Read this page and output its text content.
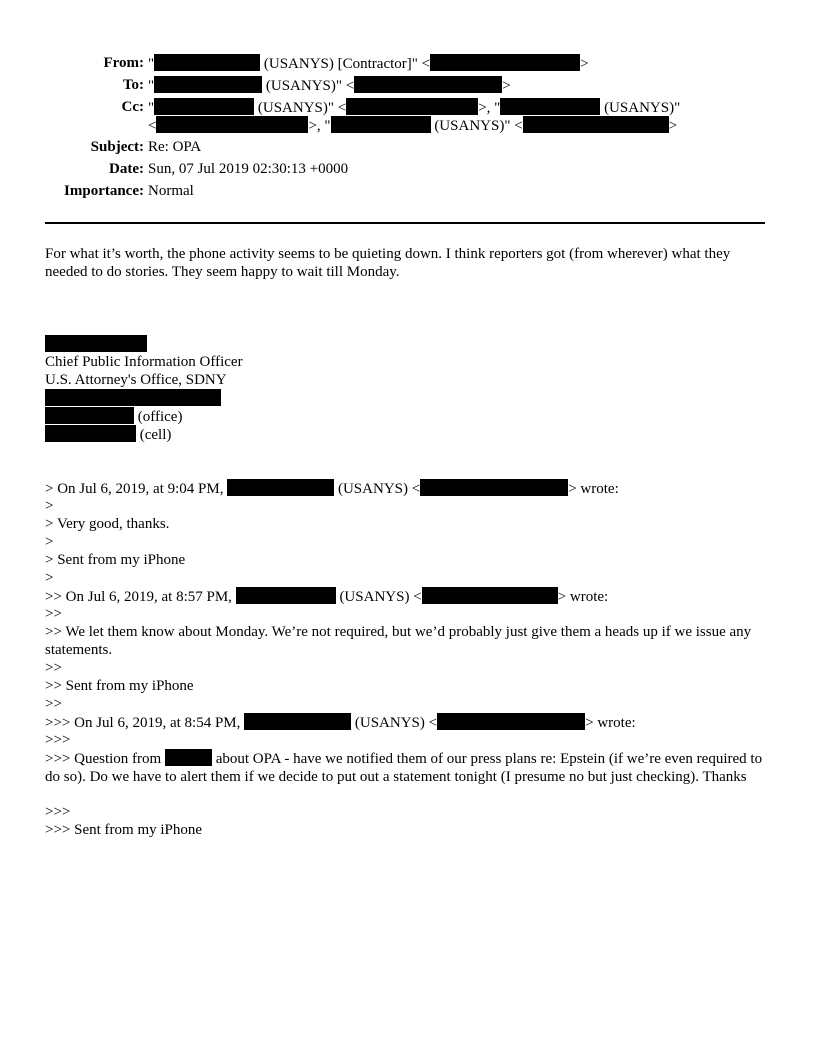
From: "	(USANYS) [Contractor]" <	>
To: "	(USANYS)" <	>
Cc: "	(USANYS)" <	>, "	(USANYS)"
<	>, "	(USANYS)" <	>
Subject: Re: OPA
Date: Sun, 07 Jul 2019 02:30:13 +0000
Importance: Normal
For what it’s worth, the phone activity seems to be quieting down. I think reporters got (from wherever) what they needed to do stories. They seem happy to wait till Monday.
Chief Public Information Officer
U.S. Attorney's Office, SDNY
(office)
(cell)
> On Jul 6, 2019, at 9:04 PM,	(USANYS) <	> wrote:
>
> Very good, thanks.
>
> Sent from my iPhone
>
>> On Jul 6, 2019, at 8:57 PM,	(USANYS) <	> wrote:
>>
>> We let them know about Monday. We’re not required, but we’d probably just give them a heads up if we issue any statements.
>>
>> Sent from my iPhone
>>
>>> On Jul 6, 2019, at 8:54 PM,	(USANYS) <	> wrote:
>>>
>>> Question from	about OPA - have we notified them of our press plans re: Epstein (if we’re even required to do so). Do we have to alert them if we decide to put out a statement tonight (I presume no but just checking). Thanks
>>>
>>> Sent from my iPhone
